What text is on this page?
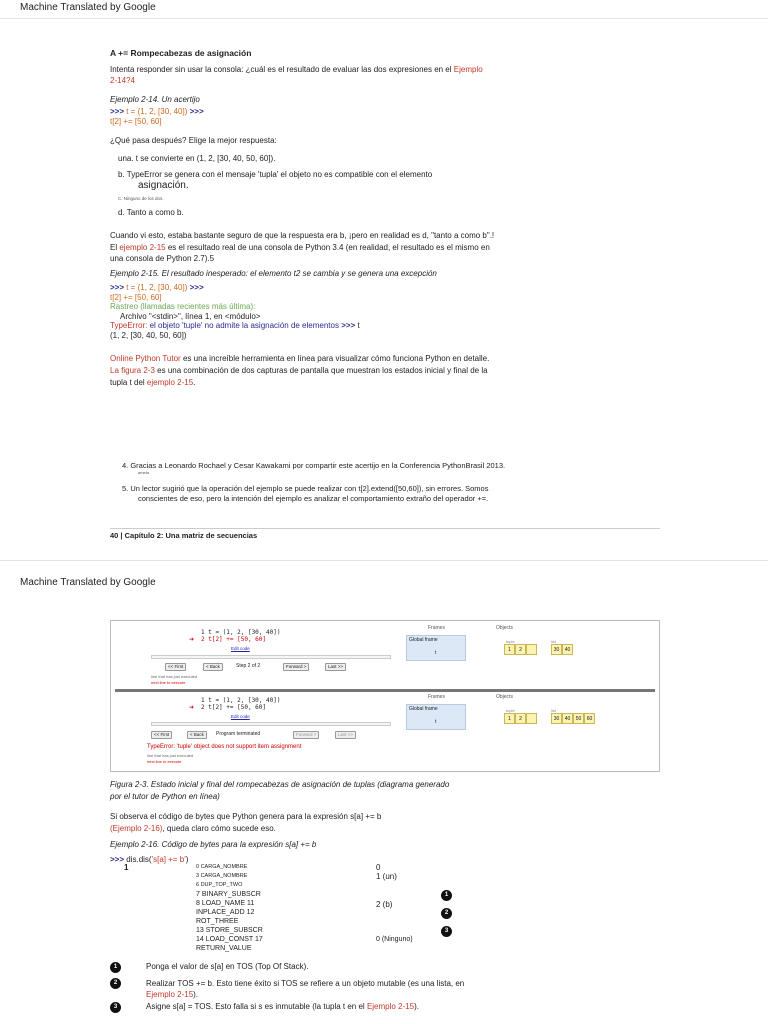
Machine Translated by Google
A += Rompecabezas de asignación
Intenta responder sin usar la consola: ¿cuál es el resultado de evaluar las dos expresiones en el Ejemplo
2-14?4
Ejemplo 2-14. Un acertijo
>>> t = (1, 2, [30, 40]) >>>
t[2] += [50, 60]
¿Qué pasa después? Elige la mejor respuesta:
una. t se convierte en (1, 2, [30, 40, 50, 60]).
b. TypeError se genera con el mensaje 'tupla' el objeto no es compatible con el elemento
asignación.
C. Ninguno de los dos.
d. Tanto a como b.
Cuando vi esto, estaba bastante seguro de que la respuesta era b, ¡pero en realidad es d, "tanto a como b".!
El ejemplo 2-15 es el resultado real de una consola de Python 3.4 (en realidad, el resultado es el mismo en
una consola de Python 2.7).5
Ejemplo 2-15. El resultado inesperado: el elemento t2 se cambia y se genera una excepción
>>> t = (1, 2, [30, 40]) >>>
t[2] += [50, 60]
Rastreo (llamadas recientes más última):
Archivo "<stdin>", línea 1, en <módulo>
TypeError: el objeto 'tuple' no admite la asignación de elementos >>> t
(1, 2, [30, 40, 50, 60])
Online Python Tutor es una increíble herramienta en línea para visualizar cómo funciona Python en detalle.
La figura 2-3 es una combinación de dos capturas de pantalla que muestran los estados inicial y final de la
tupla t del ejemplo 2-15.
4. Gracias a Leonardo Rochael y Cesar Kawakami por compartir este acertijo en la Conferencia PythonBrasil 2013.
amela
5. Un lector sugirió que la operación del ejemplo se puede realizar con t[2].extend([50,60]), sin errores. Somos
conscientes de eso, pero la intención del ejemplo es analizar el comportamiento extraño del operador +=.
40 | Capítulo 2: Una matriz de secuencias
Machine Translated by Google
1 t = (1, 2, [30, 40])
2 t[2] += [50, 60]
➜
Edit code
<< First	< Back	Step 2 of 2	Forward >	Last >>
line that has just executed
next line to execute
Frames	Objects
Global frame
t
tuple	list
1	2	30	40
1 t = (1, 2, [30, 40])
2 t[2] += [50, 60]
➜
Edit code
<< First	< Back	Program terminated	Forward >	Last >>
TypeError: 'tuple' object does not support item assignment
line that has just executed
next line to execute
Frames	Objects
Global frame
t
tuple	list
1	2	30	40	50	60
Figura 2-3. Estado inicial y final del rompecabezas de asignación de tuplas (diagrama generado
por el tutor de Python en línea)
Si observa el código de bytes que Python genera para la expresión s[a] += b
(Ejemplo 2-16), queda claro cómo sucede eso.
Ejemplo 2-16. Código de bytes para la expresión s[a] += b
>>> dis.dis('s[a] += b')
1	0 CARGA_NOMBRE	0
3 CARGA_NOMBRE	1 (un)
6 DUP_TOP_TWO
7 BINARY_SUBSCR	1
8 LOAD_NAME 11	2 (b)
INPLACE_ADD 12	2
ROT_THREE
13 STORE_SUBSCR	3
14 LOAD_CONST 17	0 (Ninguno)
RETURN_VALUE
1	Ponga el valor de s[a] en TOS (Top Of Stack).
2	Realizar TOS += b. Esto tiene éxito si TOS se refiere a un objeto mutable (es una lista, en
Ejemplo 2-15).
3	Asigne s[a] = TOS. Esto falla si s es inmutable (la tupla t en el Ejemplo 2-15).
